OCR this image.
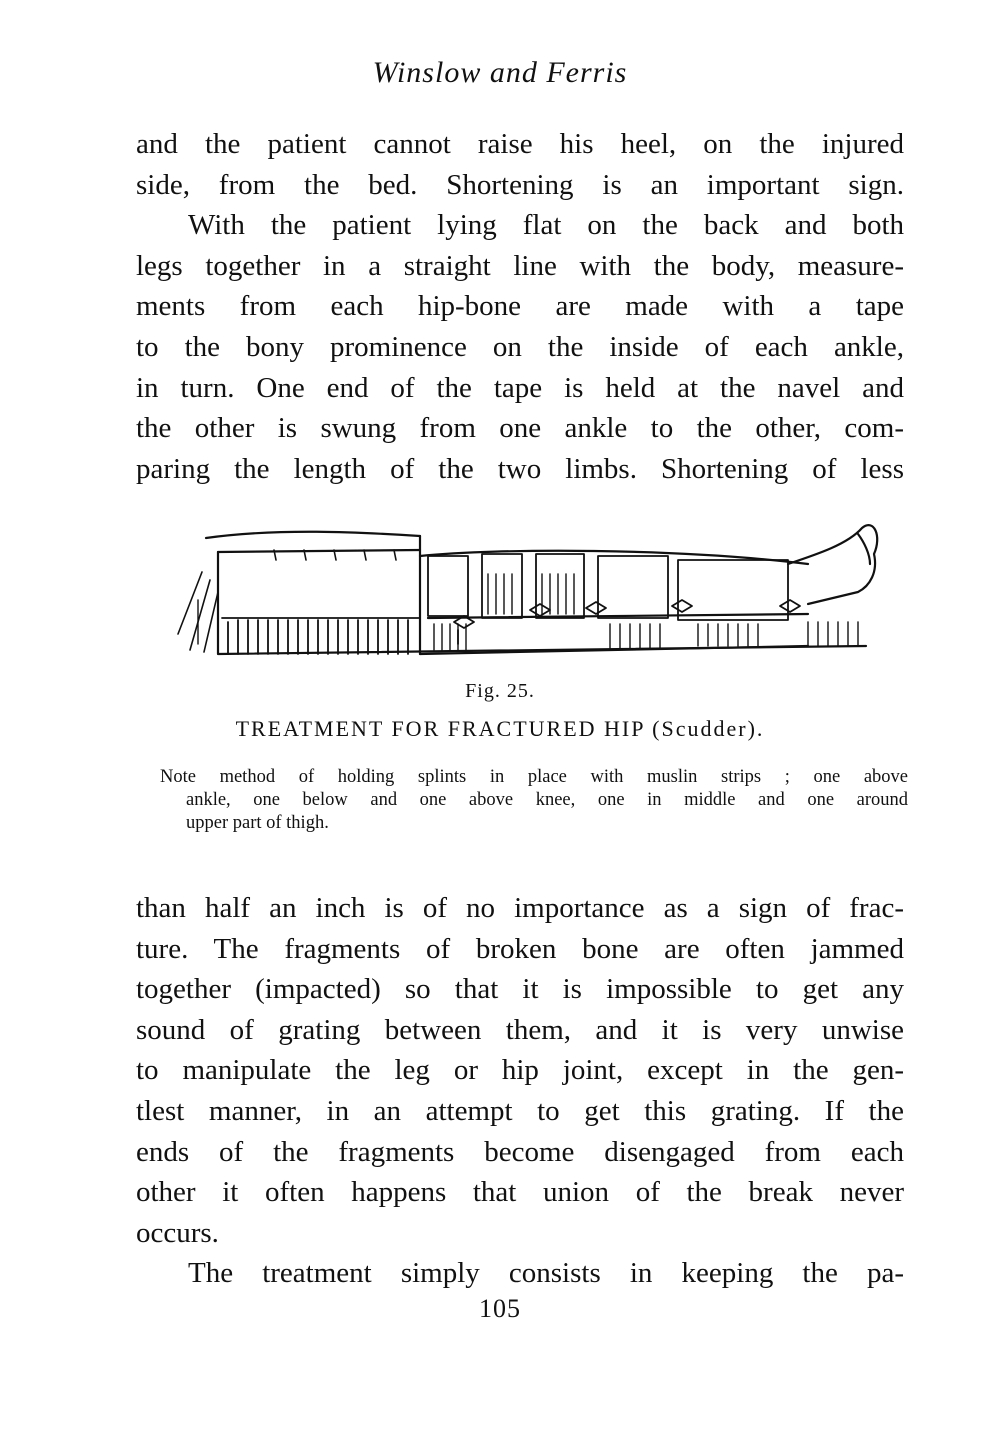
Winslow and Ferris

and the patient cannot raise his heel, on the injured
side, from the bed. Shortening is an important sign.
With the patient lying flat on the back and both
legs together in a straight line with the body, measure-
ments from each hip-bone are made with a tape
to the bony prominence on the inside of each ankle,
in turn. One end of the tape is held at the navel and
the other is swung from one ankle to the other, com-
paring the length of the two limbs. Shortening of less

Fig. 25.
TREATMENT FOR FRACTURED HIP (Scudder).
Note method of holding splints in place with muslin strips ; one above
ankle, one below and one above knee, one in middle and one around
upper part of thigh.

than half an inch is of no importance as a sign of frac-
ture. The fragments of broken bone are often jammed
together (impacted) so that it is impossible to get any
sound of grating between them, and it is very unwise
to manipulate the leg or hip joint, except in the gen-
tlest manner, in an attempt to get this grating. If the
ends of the fragments become disengaged from each
other it often happens that union of the break never
occurs.
The treatment simply consists in keeping the pa-

105
